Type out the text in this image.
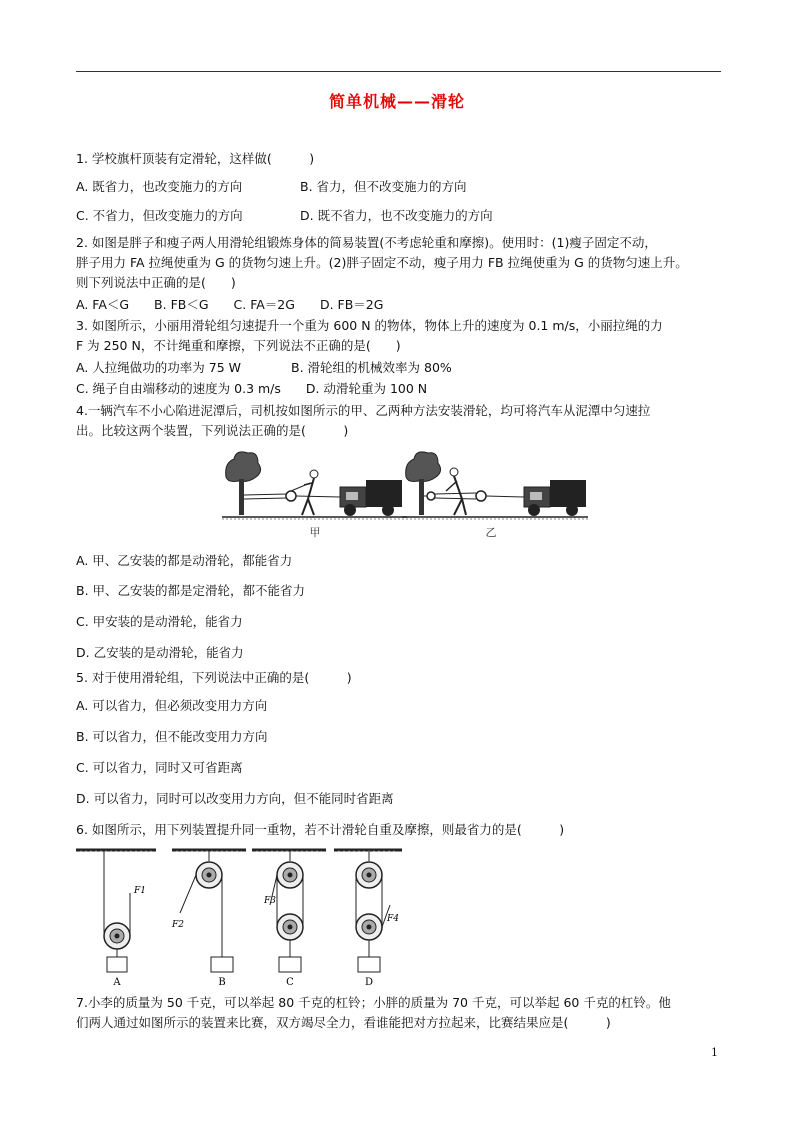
简单机械——滑轮
1. 学校旗杆顶装有定滑轮，这样做(　　　)
A. 既省力，也改变施力的方向	B. 省力，但不改变施力的方向
C. 不省力，但改变施力的方向	D. 既不省力，也不改变施力的方向
2. 如图是胖子和瘦子两人用滑轮组锻炼身体的简易装置(不考虑轮重和摩擦)。使用时：(1)瘦子固定不动，
胖子用力 FA 拉绳使重为 G 的货物匀速上升。(2)胖子固定不动，瘦子用力 FB 拉绳使重为 G 的货物匀速上升。
则下列说法中正确的是(　　)
A. FA＜G　　B. FB＜G　　C. FA＝2G　　D. FB＝2G
3. 如图所示，小丽用滑轮组匀速提升一个重为 600 N 的物体，物体上升的速度为 0.1 m/s，小丽拉绳的力
F 为 250 N，不计绳重和摩擦，下列说法不正确的是(　　)
A. 人拉绳做功的功率为 75 W　　　　B. 滑轮组的机械效率为 80%
C. 绳子自由端移动的速度为 0.3 m/s　　D. 动滑轮重为 100 N
4.一辆汽车不小心陷进泥潭后，司机按如图所示的甲、乙两种方法安装滑轮，均可将汽车从泥潭中匀速拉
出。比较这两个装置，下列说法正确的是(　　　)
甲	乙
A. 甲、乙安装的都是动滑轮，都能省力
B. 甲、乙安装的都是定滑轮，都不能省力
C. 甲安装的是动滑轮，能省力
D. 乙安装的是动滑轮，能省力
5. 对于使用滑轮组，下列说法中正确的是(　　　)
A. 可以省力，但必须改变用力方向
B. 可以省力，但不能改变用力方向
C. 可以省力，同时又可省距离
D. 可以省力，同时可以改变用力方向，但不能同时省距离
6. 如图所示，用下列装置提升同一重物，若不计滑轮自重及摩擦，则最省力的是(　　　)
A
F1
B
F2
C
F3
D
F4
7.小李的质量为 50 千克，可以举起 80 千克的杠铃；小胖的质量为 70 千克，可以举起 60 千克的杠铃。他
们两人通过如图所示的装置来比赛，双方竭尽全力，看谁能把对方拉起来，比赛结果应是(　　　)
1
